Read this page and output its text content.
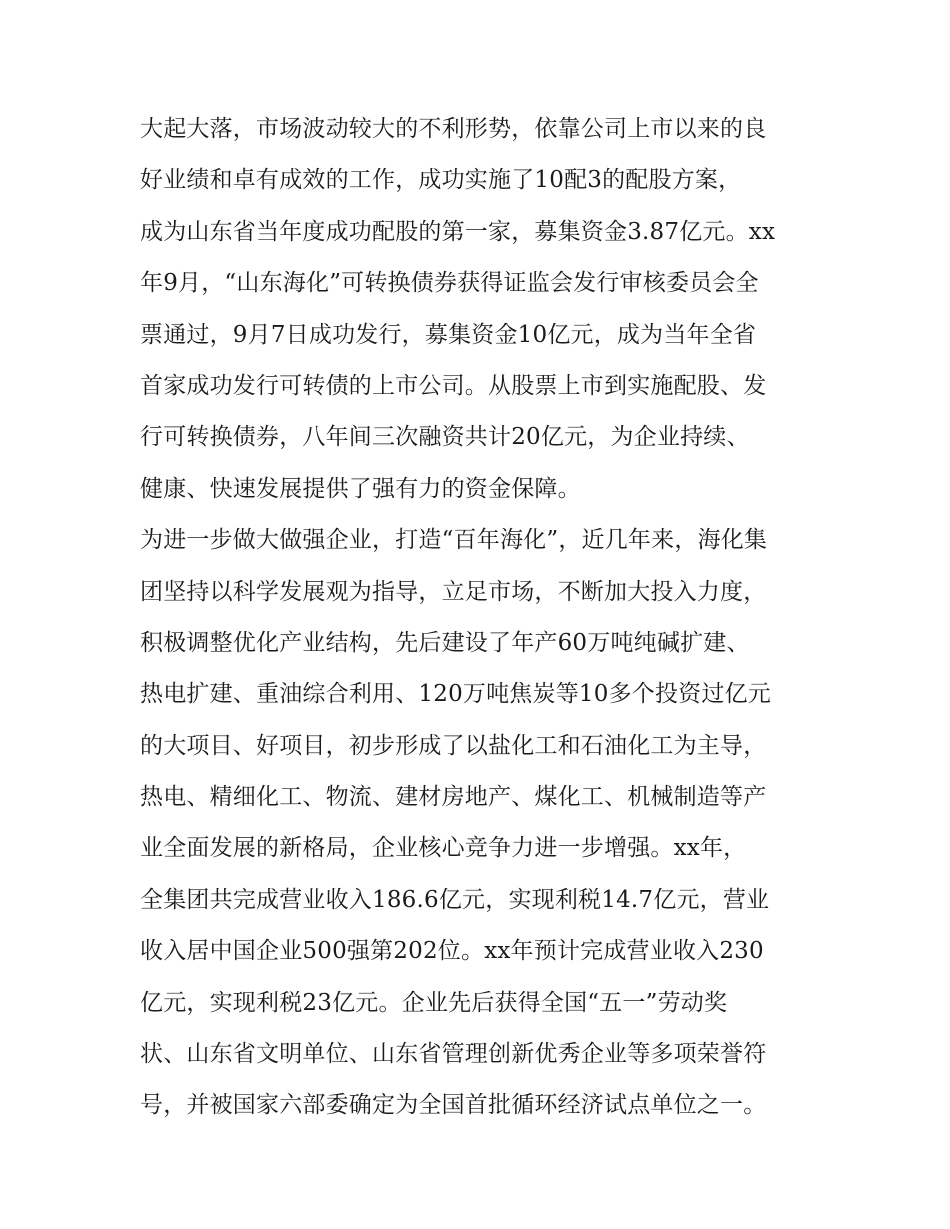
大起大落，市场波动较大的不利形势，依靠公司上市以来的良
好业绩和卓有成效的工作，成功实施了10配3的配股方案，
成为山东省当年度成功配股的第一家，募集资金3.87亿元。xx
年9月，“山东海化”可转换债券获得证监会发行审核委员会全
票通过，9月7日成功发行，募集资金10亿元，成为当年全省
首家成功发行可转债的上市公司。从股票上市到实施配股、发
行可转换债券，八年间三次融资共计20亿元，为企业持续、
健康、快速发展提供了强有力的资金保障。
为进一步做大做强企业，打造“百年海化”，近几年来，海化集
团坚持以科学发展观为指导，立足市场，不断加大投入力度，
积极调整优化产业结构，先后建设了年产60万吨纯碱扩建、
热电扩建、重油综合利用、120万吨焦炭等10多个投资过亿元
的大项目、好项目，初步形成了以盐化工和石油化工为主导，
热电、精细化工、物流、建材房地产、煤化工、机械制造等产
业全面发展的新格局，企业核心竞争力进一步增强。xx年，
全集团共完成营业收入186.6亿元，实现利税14.7亿元，营业
收入居中国企业500强第202位。xx年预计完成营业收入230
亿元，实现利税23亿元。企业先后获得全国“五一”劳动奖
状、山东省文明单位、山东省管理创新优秀企业等多项荣誉符
号，并被国家六部委确定为全国首批循环经济试点单位之一。
